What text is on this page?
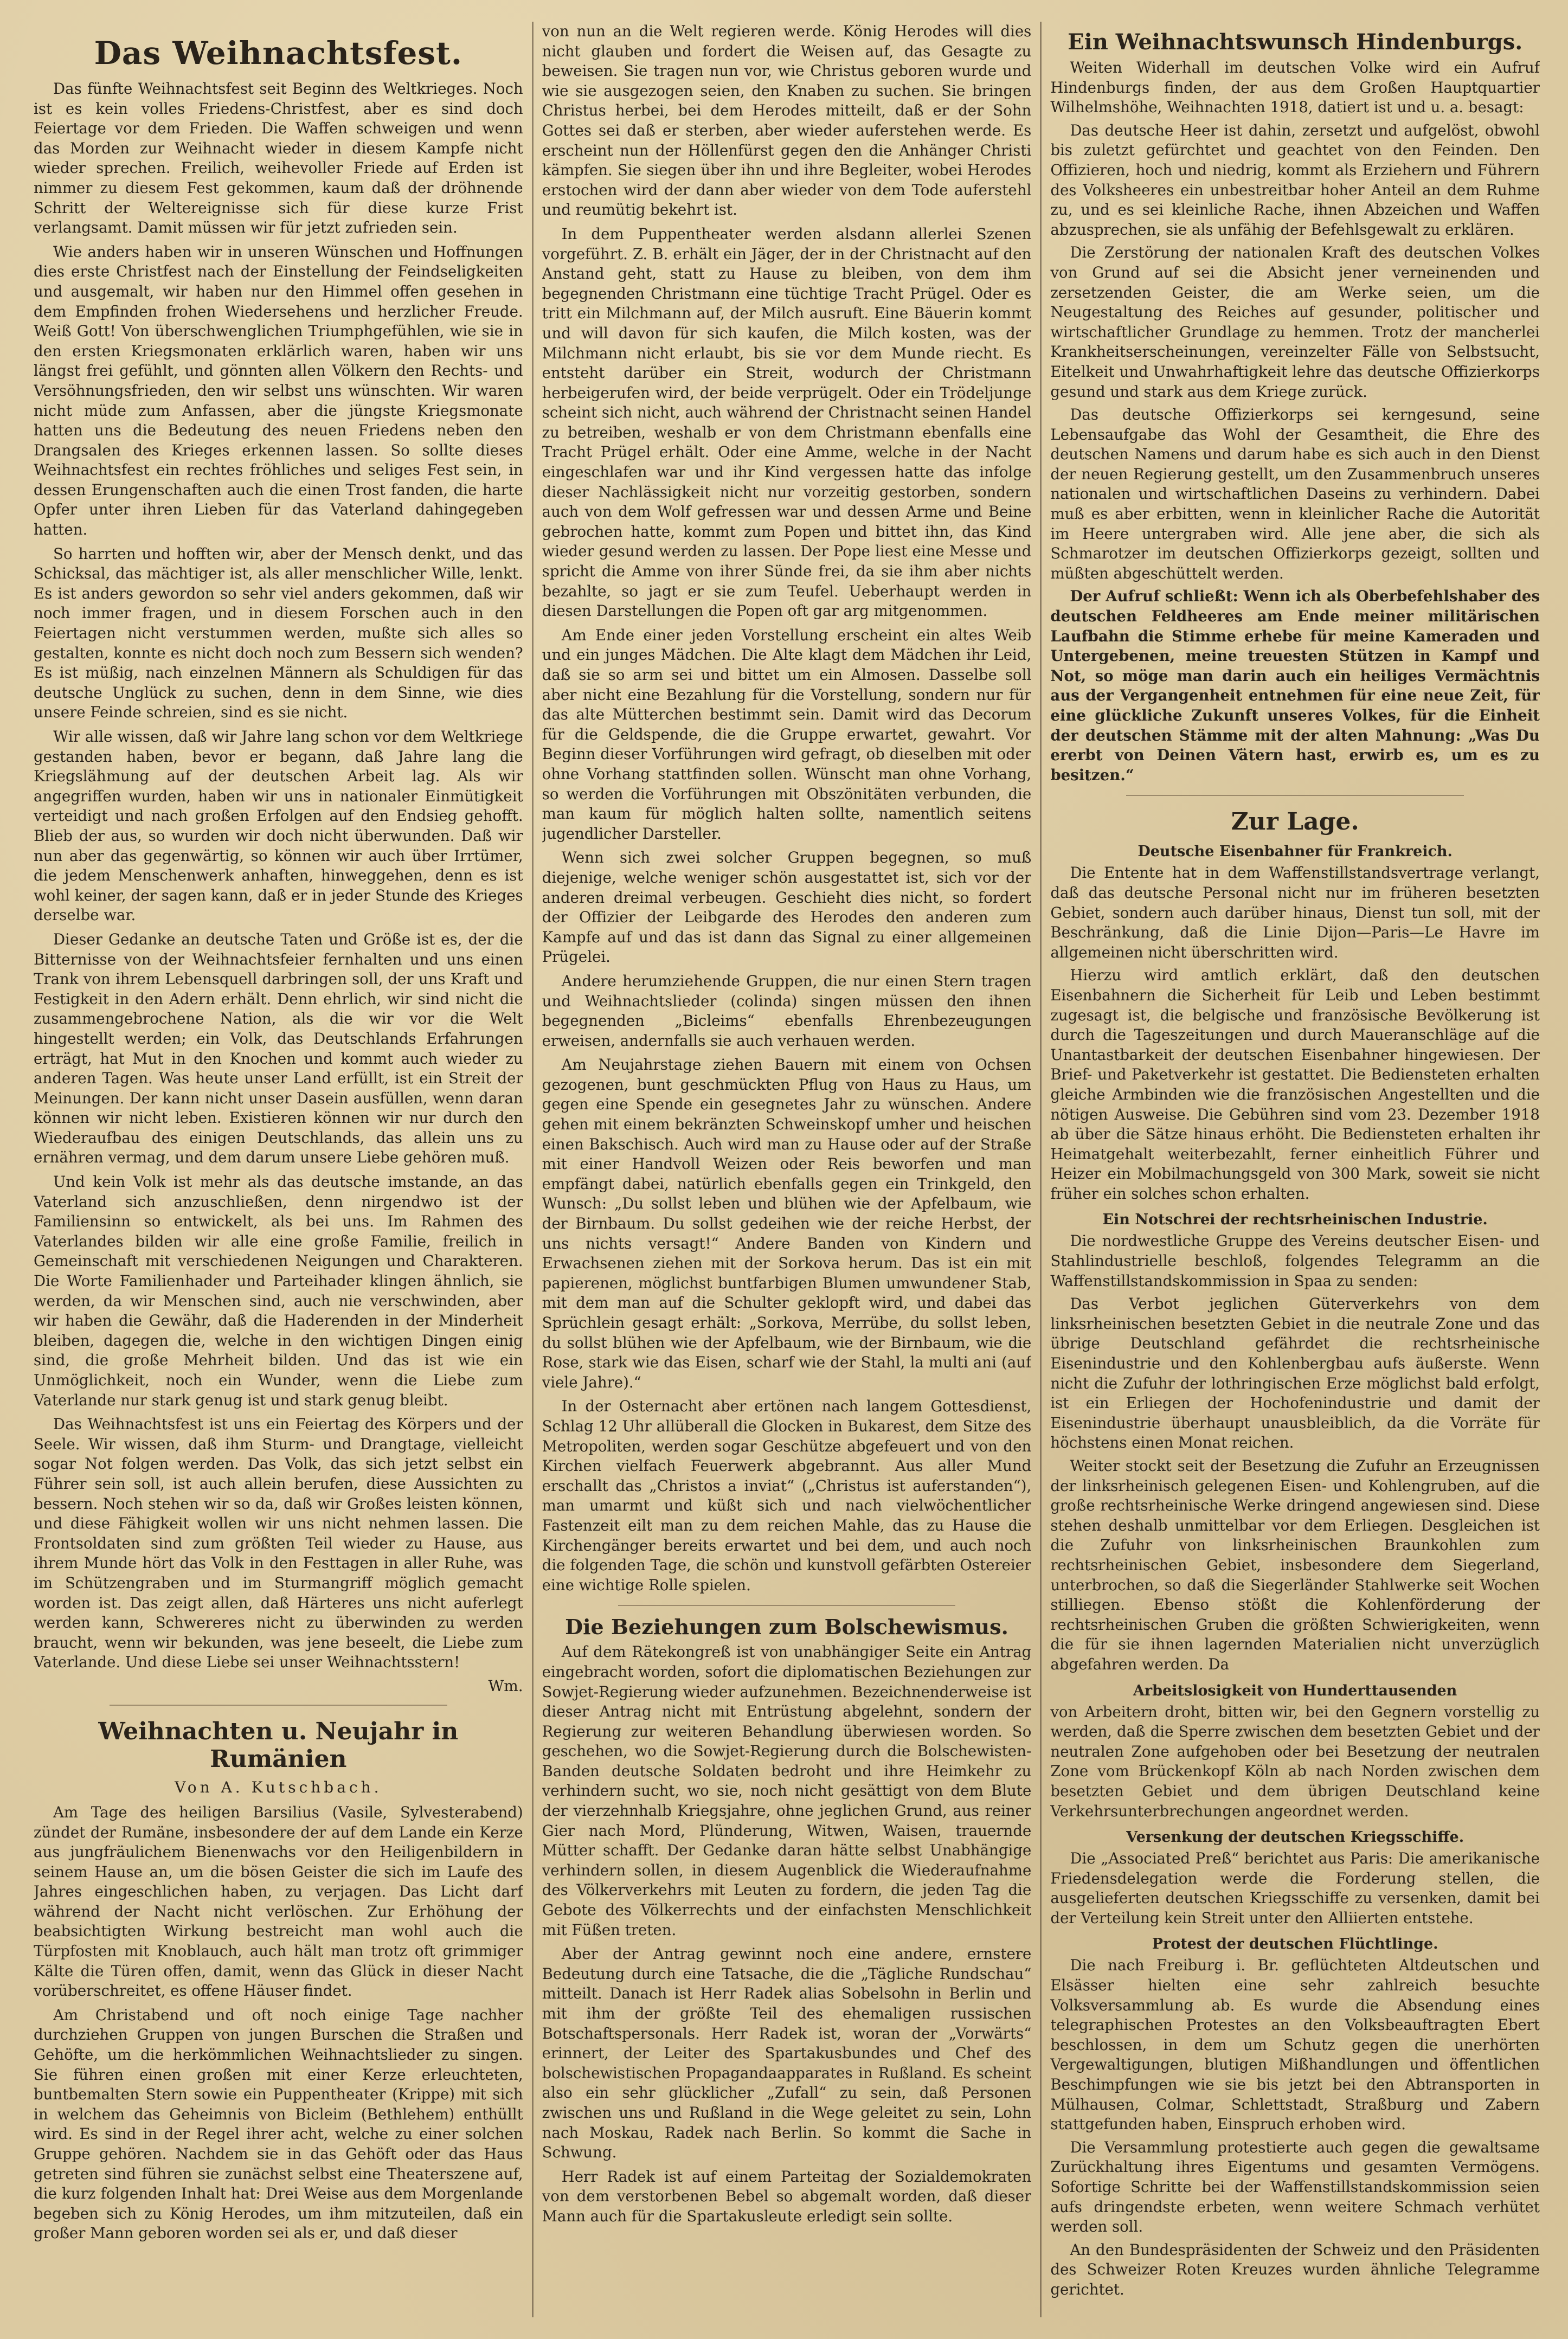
Das Weihnachtsfest.

Das fünfte Weihnachtsfest seit Beginn des Weltkrieges. Noch ist es kein volles Friedens-Christfest, aber es sind doch Feiertage vor dem Frieden. Die Waffen schweigen und wenn das Morden zur Weihnacht wieder in diesem Kampfe nicht wieder sprechen. Freilich, weihevoller Friede auf Erden ist nimmer zu diesem Fest gekommen, kaum daß der dröhnende Schritt der Weltereignisse sich für diese kurze Frist verlangsamt. Damit müssen wir für jetzt zufrieden sein.

Wie anders haben wir in unseren Wünschen und Hoffnungen dies erste Christfest nach der Einstellung der Feindseligkeiten und ausgemalt, wir haben nur den Himmel offen gesehen in dem Empfinden frohen Wiedersehens und herzlicher Freude. Weiß Gott! Von überschwenglichen Triumphgefühlen, wie sie in den ersten Kriegsmonaten erklärlich waren, haben wir uns längst frei gefühlt, und gönnten allen Völkern den Rechts- und Versöhnungsfrieden, den wir selbst uns wünschten. Wir waren nicht müde zum Anfassen, aber die jüngste Kriegsmonate hatten uns die Bedeutung des neuen Friedens neben den Drangsalen des Krieges erkennen lassen. So sollte dieses Weihnachtsfest ein rechtes fröhliches und seliges Fest sein, in dessen Erungenschaften auch die einen Trost fanden, die harte Opfer unter ihren Lieben für das Vaterland dahingegeben hatten.

So harrten und hofften wir, aber der Mensch denkt, und das Schicksal, das mächtiger ist, als aller menschlicher Wille, lenkt. Es ist anders gewordon so sehr viel anders gekommen, daß wir noch immer fragen, und in diesem Forschen auch in den Feiertagen nicht verstummen werden, mußte sich alles so gestalten, konnte es nicht doch noch zum Bessern sich wenden? Es ist müßig, nach einzelnen Männern als Schuldigen für das deutsche Unglück zu suchen, denn in dem Sinne, wie dies unsere Feinde schreien, sind es sie nicht.

Wir alle wissen, daß wir Jahre lang schon vor dem Weltkriege gestanden haben, bevor er begann, daß Jahre lang die Kriegslähmung auf der deutschen Arbeit lag. Als wir angegriffen wurden, haben wir uns in nationaler Einmütigkeit verteidigt und nach großen Erfolgen auf den Endsieg gehofft. Blieb der aus, so wurden wir doch nicht überwunden. Daß wir nun aber das gegenwärtig, so können wir auch über Irrtümer, die jedem Menschenwerk anhaften, hinweggehen, denn es ist wohl keiner, der sagen kann, daß er in jeder Stunde des Krieges derselbe war.

Dieser Gedanke an deutsche Taten und Größe ist es, der die Bitternisse von der Weihnachtsfeier fernhalten und uns einen Trank von ihrem Lebensquell darbringen soll, der uns Kraft und Festigkeit in den Adern erhält. Denn ehrlich, wir sind nicht die zusammengebrochene Nation, als die wir vor die Welt hingestellt werden; ein Volk, das Deutschlands Erfahrungen erträgt, hat Mut in den Knochen und kommt auch wieder zu anderen Tagen. Was heute unser Land erfüllt, ist ein Streit der Meinungen. Der kann nicht unser Dasein ausfüllen, wenn daran können wir nicht leben. Existieren können wir nur durch den Wiederaufbau des einigen Deutschlands, das allein uns zu ernähren vermag, und dem darum unsere Liebe gehören muß.

Und kein Volk ist mehr als das deutsche imstande, an das Vaterland sich anzuschließen, denn nirgendwo ist der Familiensinn so entwickelt, als bei uns. Im Rahmen des Vaterlandes bilden wir alle eine große Familie, freilich in Gemeinschaft mit verschiedenen Neigungen und Charakteren. Die Worte Familienhader und Parteihader klingen ähnlich, sie werden, da wir Menschen sind, auch nie verschwinden, aber wir haben die Gewähr, daß die Haderenden in der Minderheit bleiben, dagegen die, welche in den wichtigen Dingen einig sind, die große Mehrheit bilden. Und das ist wie ein Unmöglichkeit, noch ein Wunder, wenn die Liebe zum Vaterlande nur stark genug ist und stark genug bleibt.

Das Weihnachtsfest ist uns ein Feiertag des Körpers und der Seele. Wir wissen, daß ihm Sturm- und Drangtage, vielleicht sogar Not folgen werden. Das Volk, das sich jetzt selbst ein Führer sein soll, ist auch allein berufen, diese Aussichten zu bessern. Noch stehen wir so da, daß wir Großes leisten können, und diese Fähigkeit wollen wir uns nicht nehmen lassen. Die Frontsoldaten sind zum größten Teil wieder zu Hause, aus ihrem Munde hört das Volk in den Festtagen in aller Ruhe, was im Schützengraben und im Sturmangriff möglich gemacht worden ist. Das zeigt allen, daß Härteres uns nicht auferlegt werden kann, Schwereres nicht zu überwinden zu werden braucht, wenn wir bekunden, was jene beseelt, die Liebe zum Vaterlande. Und diese Liebe sei unser Weihnachtsstern!

Wm.
Weihnachten u. Neujahr in Rumänien
Von A. Kutschbach.

Am Tage des heiligen Barsilius (Vasile, Sylvesterabend) zündet der Rumäne, insbesondere der auf dem Lande ein Kerze aus jungfräulichem Bienenwachs vor den Heiligenbildern in seinem Hause an, um die bösen Geister die sich im Laufe des Jahres eingeschlichen haben, zu verjagen. Das Licht darf während der Nacht nicht verlöschen. Zur Erhöhung der beabsichtigten Wirkung bestreicht man wohl auch die Türpfosten mit Knoblauch, auch hält man trotz oft grimmiger Kälte die Türen offen, damit, wenn das Glück in dieser Nacht vorüberschreitet, es offene Häuser findet.

Am Christabend und oft noch einige Tage nachher durchziehen Gruppen von jungen Burschen die Straßen und Gehöfte, um die herkömmlichen Weihnachtslieder zu singen. Sie führen einen großen mit einer Kerze erleuchteten, buntbemalten Stern sowie ein Puppentheater (Krippe) mit sich in welchem das Geheimnis von Bicleim (Bethlehem) enthüllt wird. Es sind in der Regel ihrer acht, welche zu einer solchen Gruppe gehören. Nachdem sie in das Gehöft oder das Haus getreten sind führen sie zunächst selbst eine Theaterszene auf, die kurz folgenden Inhalt hat: Drei Weise aus dem Morgenlande begeben sich zu König Herodes, um ihm mitzuteilen, daß ein großer Mann geboren worden sei als er, und daß dieser

von nun an die Welt regieren werde. König Herodes will dies nicht glauben und fordert die Weisen auf, das Gesagte zu beweisen. Sie tragen nun vor, wie Christus geboren wurde und wie sie ausgezogen seien, den Knaben zu suchen. Sie bringen Christus herbei, bei dem Herodes mitteilt, daß er der Sohn Gottes sei daß er sterben, aber wieder auferstehen werde. Es erscheint nun der Höllenfürst gegen den die Anhänger Christi kämpfen. Sie siegen über ihn und ihre Begleiter, wobei Herodes erstochen wird der dann aber wieder von dem Tode auferstehl und reumütig bekehrt ist.

In dem Puppentheater werden alsdann allerlei Szenen vorgeführt. Z. B. erhält ein Jäger, der in der Christnacht auf den Anstand geht, statt zu Hause zu bleiben, von dem ihm begegnenden Christmann eine tüchtige Tracht Prügel. Oder es tritt ein Milchmann auf, der Milch ausruft. Eine Bäuerin kommt und will davon für sich kaufen, die Milch kosten, was der Milchmann nicht erlaubt, bis sie vor dem Munde riecht. Es entsteht darüber ein Streit, wodurch der Christmann herbeigerufen wird, der beide verprügelt. Oder ein Trödeljunge scheint sich nicht, auch während der Christnacht seinen Handel zu betreiben, weshalb er von dem Christmann ebenfalls eine Tracht Prügel erhält. Oder eine Amme, welche in der Nacht eingeschlafen war und ihr Kind vergessen hatte das infolge dieser Nachlässigkeit nicht nur vorzeitig gestorben, sondern auch von dem Wolf gefressen war und dessen Arme und Beine gebrochen hatte, kommt zum Popen und bittet ihn, das Kind wieder gesund werden zu lassen. Der Pope liest eine Messe und spricht die Amme von ihrer Sünde frei, da sie ihm aber nichts bezahlte, so jagt er sie zum Teufel. Ueberhaupt werden in diesen Darstellungen die Popen oft gar arg mitgenommen.

Am Ende einer jeden Vorstellung erscheint ein altes Weib und ein junges Mädchen. Die Alte klagt dem Mädchen ihr Leid, daß sie so arm sei und bittet um ein Almosen. Dasselbe soll aber nicht eine Bezahlung für die Vorstellung, sondern nur für das alte Mütterchen bestimmt sein. Damit wird das Decorum für die Geldspende, die die Gruppe erwartet, gewahrt. Vor Beginn dieser Vorführungen wird gefragt, ob dieselben mit oder ohne Vorhang stattfinden sollen. Wünscht man ohne Vorhang, so werden die Vorführungen mit Obszönitäten verbunden, die man kaum für möglich halten sollte, namentlich seitens jugendlicher Darsteller.

Wenn sich zwei solcher Gruppen begegnen, so muß diejenige, welche weniger schön ausgestattet ist, sich vor der anderen dreimal verbeugen. Geschieht dies nicht, so fordert der Offizier der Leibgarde des Herodes den anderen zum Kampfe auf und das ist dann das Signal zu einer allgemeinen Prügelei.

Andere herumziehende Gruppen, die nur einen Stern tragen und Weihnachtslieder (colinda) singen müssen den ihnen begegnenden „Bicleims“ ebenfalls Ehrenbezeugungen erweisen, andernfalls sie auch verhauen werden.

Am Neujahrstage ziehen Bauern mit einem von Ochsen gezogenen, bunt geschmückten Pflug von Haus zu Haus, um gegen eine Spende ein gesegnetes Jahr zu wünschen. Andere gehen mit einem bekränzten Schweinskopf umher und heischen einen Bakschisch. Auch wird man zu Hause oder auf der Straße mit einer Handvoll Weizen oder Reis beworfen und man empfängt dabei, natürlich ebenfalls gegen ein Trinkgeld, den Wunsch: „Du sollst leben und blühen wie der Apfelbaum, wie der Birnbaum. Du sollst gedeihen wie der reiche Herbst, der uns nichts versagt!“ Andere Banden von Kindern und Erwachsenen ziehen mit der Sorkova herum. Das ist ein mit papierenen, möglichst buntfarbigen Blumen umwundener Stab, mit dem man auf die Schulter geklopft wird, und dabei das Sprüchlein gesagt erhält: „Sorkova, Merrübe, du sollst leben, du sollst blühen wie der Apfelbaum, wie der Birnbaum, wie die Rose, stark wie das Eisen, scharf wie der Stahl, la multi ani (auf viele Jahre).“

In der Osternacht aber ertönen nach langem Gottesdienst, Schlag 12 Uhr allüberall die Glocken in Bukarest, dem Sitze des Metropoliten, werden sogar Geschütze abgefeuert und von den Kirchen vielfach Feuerwerk abgebrannt. Aus aller Mund erschallt das „Christos a inviat“ („Christus ist auferstanden“), man umarmt und küßt sich und nach vielwöchentlicher Fastenzeit eilt man zu dem reichen Mahle, das zu Hause die Kirchengänger bereits erwartet und bei dem, und auch noch die folgenden Tage, die schön und kunstvoll gefärbten Ostereier eine wichtige Rolle spielen.

Die Beziehungen zum Bolschewismus.

Auf dem Rätekongreß ist von unabhängiger Seite ein Antrag eingebracht worden, sofort die diplomatischen Beziehungen zur Sowjet-Regierung wieder aufzunehmen. Bezeichnenderweise ist dieser Antrag nicht mit Entrüstung abgelehnt, sondern der Regierung zur weiteren Behandlung überwiesen worden. So geschehen, wo die Sowjet-Regierung durch die Bolschewisten-Banden deutsche Soldaten bedroht und ihre Heimkehr zu verhindern sucht, wo sie, noch nicht gesättigt von dem Blute der vierzehnhalb Kriegsjahre, ohne jeglichen Grund, aus reiner Gier nach Mord, Plünderung, Witwen, Waisen, trauernde Mütter schafft. Der Gedanke daran hätte selbst Unabhängige verhindern sollen, in diesem Augenblick die Wiederaufnahme des Völkerverkehrs mit Leuten zu fordern, die jeden Tag die Gebote des Völkerrechts und der einfachsten Menschlichkeit mit Füßen treten.

Aber der Antrag gewinnt noch eine andere, ernstere Bedeutung durch eine Tatsache, die die „Tägliche Rundschau“ mitteilt. Danach ist Herr Radek alias Sobelsohn in Berlin und mit ihm der größte Teil des ehemaligen russischen Botschaftspersonals. Herr Radek ist, woran der „Vorwärts“ erinnert, der Leiter des Spartakusbundes und Chef des bolschewistischen Propagandaapparates in Rußland. Es scheint also ein sehr glücklicher „Zufall“ zu sein, daß Personen zwischen uns und Rußland in die Wege geleitet zu sein, Lohn nach Moskau, Radek nach Berlin. So kommt die Sache in Schwung.

Herr Radek ist auf einem Parteitag der Sozialdemokraten von dem verstorbenen Bebel so abgemalt worden, daß dieser Mann auch für die Spartakusleute erledigt sein sollte.

Ein Weihnachtswunsch Hindenburgs.

Weiten Widerhall im deutschen Volke wird ein Aufruf Hindenburgs finden, der aus dem Großen Hauptquartier Wilhelmshöhe, Weihnachten 1918, datiert ist und u. a. besagt:

Das deutsche Heer ist dahin, zersetzt und aufgelöst, obwohl bis zuletzt gefürchtet und geachtet von den Feinden. Den Offizieren, hoch und niedrig, kommt als Erziehern und Führern des Volksheeres ein unbestreitbar hoher Anteil an dem Ruhme zu, und es sei kleinliche Rache, ihnen Abzeichen und Waffen abzusprechen, sie als unfähig der Befehlsgewalt zu erklären.

Die Zerstörung der nationalen Kraft des deutschen Volkes von Grund auf sei die Absicht jener verneinenden und zersetzenden Geister, die am Werke seien, um die Neugestaltung des Reiches auf gesunder, politischer und wirtschaftlicher Grundlage zu hemmen. Trotz der mancherlei Krankheitserscheinungen, vereinzelter Fälle von Selbstsucht, Eitelkeit und Unwahrhaftigkeit lehre das deutsche Offizierkorps gesund und stark aus dem Kriege zurück.

Das deutsche Offizierkorps sei kerngesund, seine Lebensaufgabe das Wohl der Gesamtheit, die Ehre des deutschen Namens und darum habe es sich auch in den Dienst der neuen Regierung gestellt, um den Zusammenbruch unseres nationalen und wirtschaftlichen Daseins zu verhindern. Dabei muß es aber erbitten, wenn in kleinlicher Rache die Autorität im Heere untergraben wird. Alle jene aber, die sich als Schmarotzer im deutschen Offizierkorps gezeigt, sollten und müßten abgeschüttelt werden.

Der Aufruf schließt: Wenn ich als Oberbefehlshaber des deutschen Feldheeres am Ende meiner militärischen Laufbahn die Stimme erhebe für meine Kameraden und Untergebenen, meine treuesten Stützen in Kampf und Not, so möge man darin auch ein heiliges Vermächtnis aus der Vergangenheit entnehmen für eine neue Zeit, für eine glückliche Zukunft unseres Volkes, für die Einheit der deutschen Stämme mit der alten Mahnung: „Was Du ererbt von Deinen Vätern hast, erwirb es, um es zu besitzen.“

Zur Lage.
Deutsche Eisenbahner für Frankreich.

Die Entente hat in dem Waffenstillstandsvertrage verlangt, daß das deutsche Personal nicht nur im früheren besetzten Gebiet, sondern auch darüber hinaus, Dienst tun soll, mit der Beschränkung, daß die Linie Dijon—Paris—Le Havre im allgemeinen nicht überschritten wird.

Hierzu wird amtlich erklärt, daß den deutschen Eisenbahnern die Sicherheit für Leib und Leben bestimmt zugesagt ist, die belgische und französische Bevölkerung ist durch die Tageszeitungen und durch Maueranschläge auf die Unantastbarkeit der deutschen Eisenbahner hingewiesen. Der Brief- und Paketverkehr ist gestattet. Die Bediensteten erhalten gleiche Armbinden wie die französischen Angestellten und die nötigen Ausweise. Die Gebühren sind vom 23. Dezember 1918 ab über die Sätze hinaus erhöht. Die Bediensteten erhalten ihr Heimatgehalt weiterbezahlt, ferner einheitlich Führer und Heizer ein Mobilmachungsgeld von 300 Mark, soweit sie nicht früher ein solches schon erhalten.

Ein Notschrei der rechtsrheinischen Industrie.

Die nordwestliche Gruppe des Vereins deutscher Eisen- und Stahlindustrielle beschloß, folgendes Telegramm an die Waffenstillstandskommission in Spaa zu senden:

Das Verbot jeglichen Güterverkehrs von dem linksrheinischen besetzten Gebiet in die neutrale Zone und das übrige Deutschland gefährdet die rechtsrheinische Eisenindustrie und den Kohlenbergbau aufs äußerste. Wenn nicht die Zufuhr der lothringischen Erze möglichst bald erfolgt, ist ein Erliegen der Hochofenindustrie und damit der Eisenindustrie überhaupt unausbleiblich, da die Vorräte für höchstens einen Monat reichen.

Weiter stockt seit der Besetzung die Zufuhr an Erzeugnissen der linksrheinisch gelegenen Eisen- und Kohlengruben, auf die große rechtsrheinische Werke dringend angewiesen sind. Diese stehen deshalb unmittelbar vor dem Erliegen. Desgleichen ist die Zufuhr von linksrheinischen Braunkohlen zum rechtsrheinischen Gebiet, insbesondere dem Siegerland, unterbrochen, so daß die Siegerländer Stahlwerke seit Wochen stilliegen. Ebenso stößt die Kohlenförderung der rechtsrheinischen Gruben die größten Schwierigkeiten, wenn die für sie ihnen lagernden Materialien nicht unverzüglich abgefahren werden. Da

Arbeitslosigkeit von Hunderttausenden

von Arbeitern droht, bitten wir, bei den Gegnern vorstellig zu werden, daß die Sperre zwischen dem besetzten Gebiet und der neutralen Zone aufgehoben oder bei Besetzung der neutralen Zone vom Brückenkopf Köln ab nach Norden zwischen dem besetzten Gebiet und dem übrigen Deutschland keine Verkehrsunterbrechungen angeordnet werden.

Versenkung der deutschen Kriegsschiffe.

Die „Associated Preß“ berichtet aus Paris: Die amerikanische Friedensdelegation werde die Forderung stellen, die ausgelieferten deutschen Kriegsschiffe zu versenken, damit bei der Verteilung kein Streit unter den Alliierten entstehe.

Protest der deutschen Flüchtlinge.

Die nach Freiburg i. Br. geflüchteten Altdeutschen und Elsässer hielten eine sehr zahlreich besuchte Volksversammlung ab. Es wurde die Absendung eines telegraphischen Protestes an den Volksbeauftragten Ebert beschlossen, in dem um Schutz gegen die unerhörten Vergewaltigungen, blutigen Mißhandlungen und öffentlichen Beschimpfungen wie sie bis jetzt bei den Abtransporten in Mülhausen, Colmar, Schlettstadt, Straßburg und Zabern stattgefunden haben, Einspruch erhoben wird.

Die Versammlung protestierte auch gegen die gewaltsame Zurückhaltung ihres Eigentums und gesamten Vermögens. Sofortige Schritte bei der Waffenstillstandskommission seien aufs dringendste erbeten, wenn weitere Schmach verhütet werden soll.

An den Bundespräsidenten der Schweiz und den Präsidenten des Schweizer Roten Kreuzes wurden ähnliche Telegramme gerichtet.
